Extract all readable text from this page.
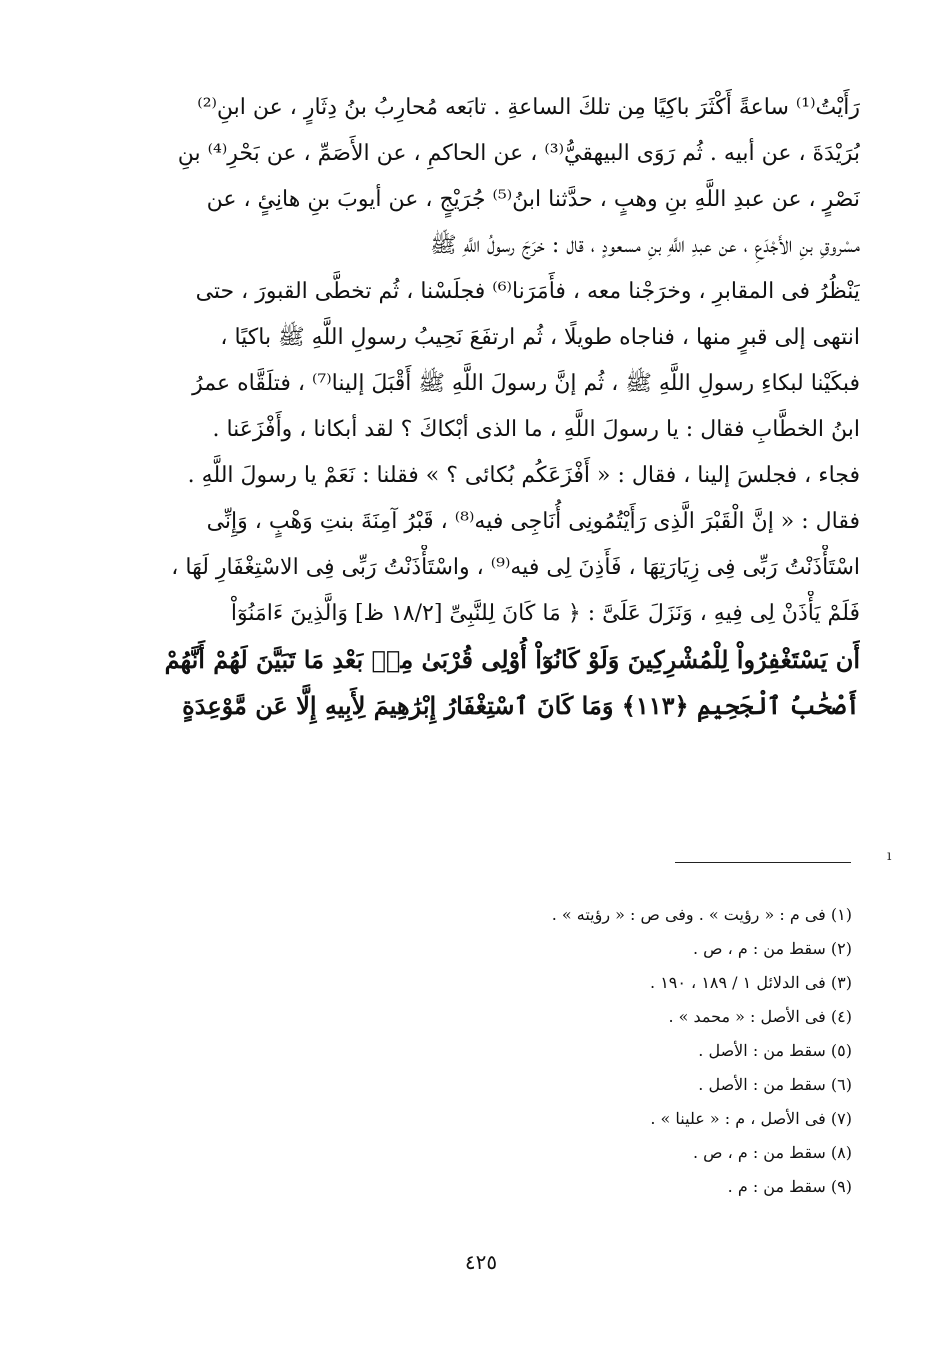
رَأَيْتُ⁽¹⁾ ساعةً أَكْثَرَ باكِيًا مِن تلكَ الساعةِ . تابَعه مُحارِبُ بنُ دِثَارٍ ، عن ابنِ⁽²⁾
بُرَيْدَةَ ، عن أبيه . ثُم رَوَى البيهقيُّ⁽³⁾ ، عن الحاكمِ ، عن الأَصَمِّ ، عن بَحْرِ⁽⁴⁾ بنِ
نَصْرٍ ، عن عبدِ اللَّهِ بنِ وهبٍ ، حدَّثنا ابنُ⁽⁵⁾ جُرَيْجٍ ، عن أيوبَ بنِ هانِئٍ ، عن
مسْروقِ بنِ الأَجْدَعِ ، عن عبدِ اللَّهِ بنِ مسعودٍ ، قال : خرَجَ رسولُ اللَّهِ ﷺ
يَنْظُرُ فى المقابرِ ، وخرَجْنا معه ، فأَمَرَنا⁽⁶⁾ فجلَسْنا ، ثُم تخطَّى القبورَ ، حتى
انتهى إلى قبرٍ منها ، فناجاه طويلًا ، ثُم ارتفَعَ نَحِيبُ رسولِ اللَّهِ ﷺ باكيًا ،
فبكَيْنا لبكاءِ رسولِ اللَّهِ ﷺ ، ثُم إنَّ رسولَ اللَّهِ ﷺ أَقْبَلَ إلينا⁽⁷⁾ ، فتلَقَّاه عمرُ
ابنُ الخطَّابِ فقال : يا رسولَ اللَّهِ ، ما الذى أبْكاكَ ؟ لقد أبكانا ، وأَفْزَعَنا .
فجاء ، فجلسَ إلينا ، فقال : « أَفْزَعَكُم بُكائى ؟ » فقلنا : نَعَمْ يا رسولَ اللَّهِ .
فقال : « إنَّ الْقَبْرَ الَّذِى رَأَيْتُمُونِى أُنَاجِى فيه⁽⁸⁾ ، قَبْرُ آمِنَةَ بنتِ وَهْبٍ ، وَإِنِّى
اسْتَأْذَنْتُ رَبِّى فِى زِيَارَتِهَا ، فَأَذِنَ لِى فيه⁽⁹⁾ ، واسْتَأْذَنْتُ رَبِّى فِى الاسْتِغْفَارِ لَهَا ،
فَلَمْ يَأْذَنْ لِى فِيهِ ، وَنَزَلَ عَلَىَّ : ﴿ مَا كَانَ لِلنَّبِىِّ [١٨/٢ ظ] وَالَّذِينَ ءَامَنُوٓاْ
أَن يَسْتَغْفِرُواْ لِلْمُشْرِكِينَ وَلَوْ كَانُوٓاْ أُوْلِى قُرْبَىٰ مِنۢ بَعْدِ مَا تَبَيَّنَ لَهُمْ أَنَّهُمْ
أَصْحَٰبُ ٱلْجَحِيمِ ﴿١١٣﴾ وَمَا كَانَ ٱسْتِغْفَارُ إِبْرَٰهِيمَ لِأَبِيهِ إِلَّا عَن مَّوْعِدَةٍ
ı
(١) فى م : « رؤيت » . وفى ص : « رؤيته » .
(٢) سقط من : م ، ص .
(٣) فى الدلائل ١ / ١٨٩ ، ١٩٠ .
(٤) فى الأصل : « محمد » .
(٥) سقط من : الأصل .
(٦) سقط من : الأصل .
(٧) فى الأصل ، م : « علينا » .
(٨) سقط من : م ، ص .
(٩) سقط من : م .
٤٢٥
